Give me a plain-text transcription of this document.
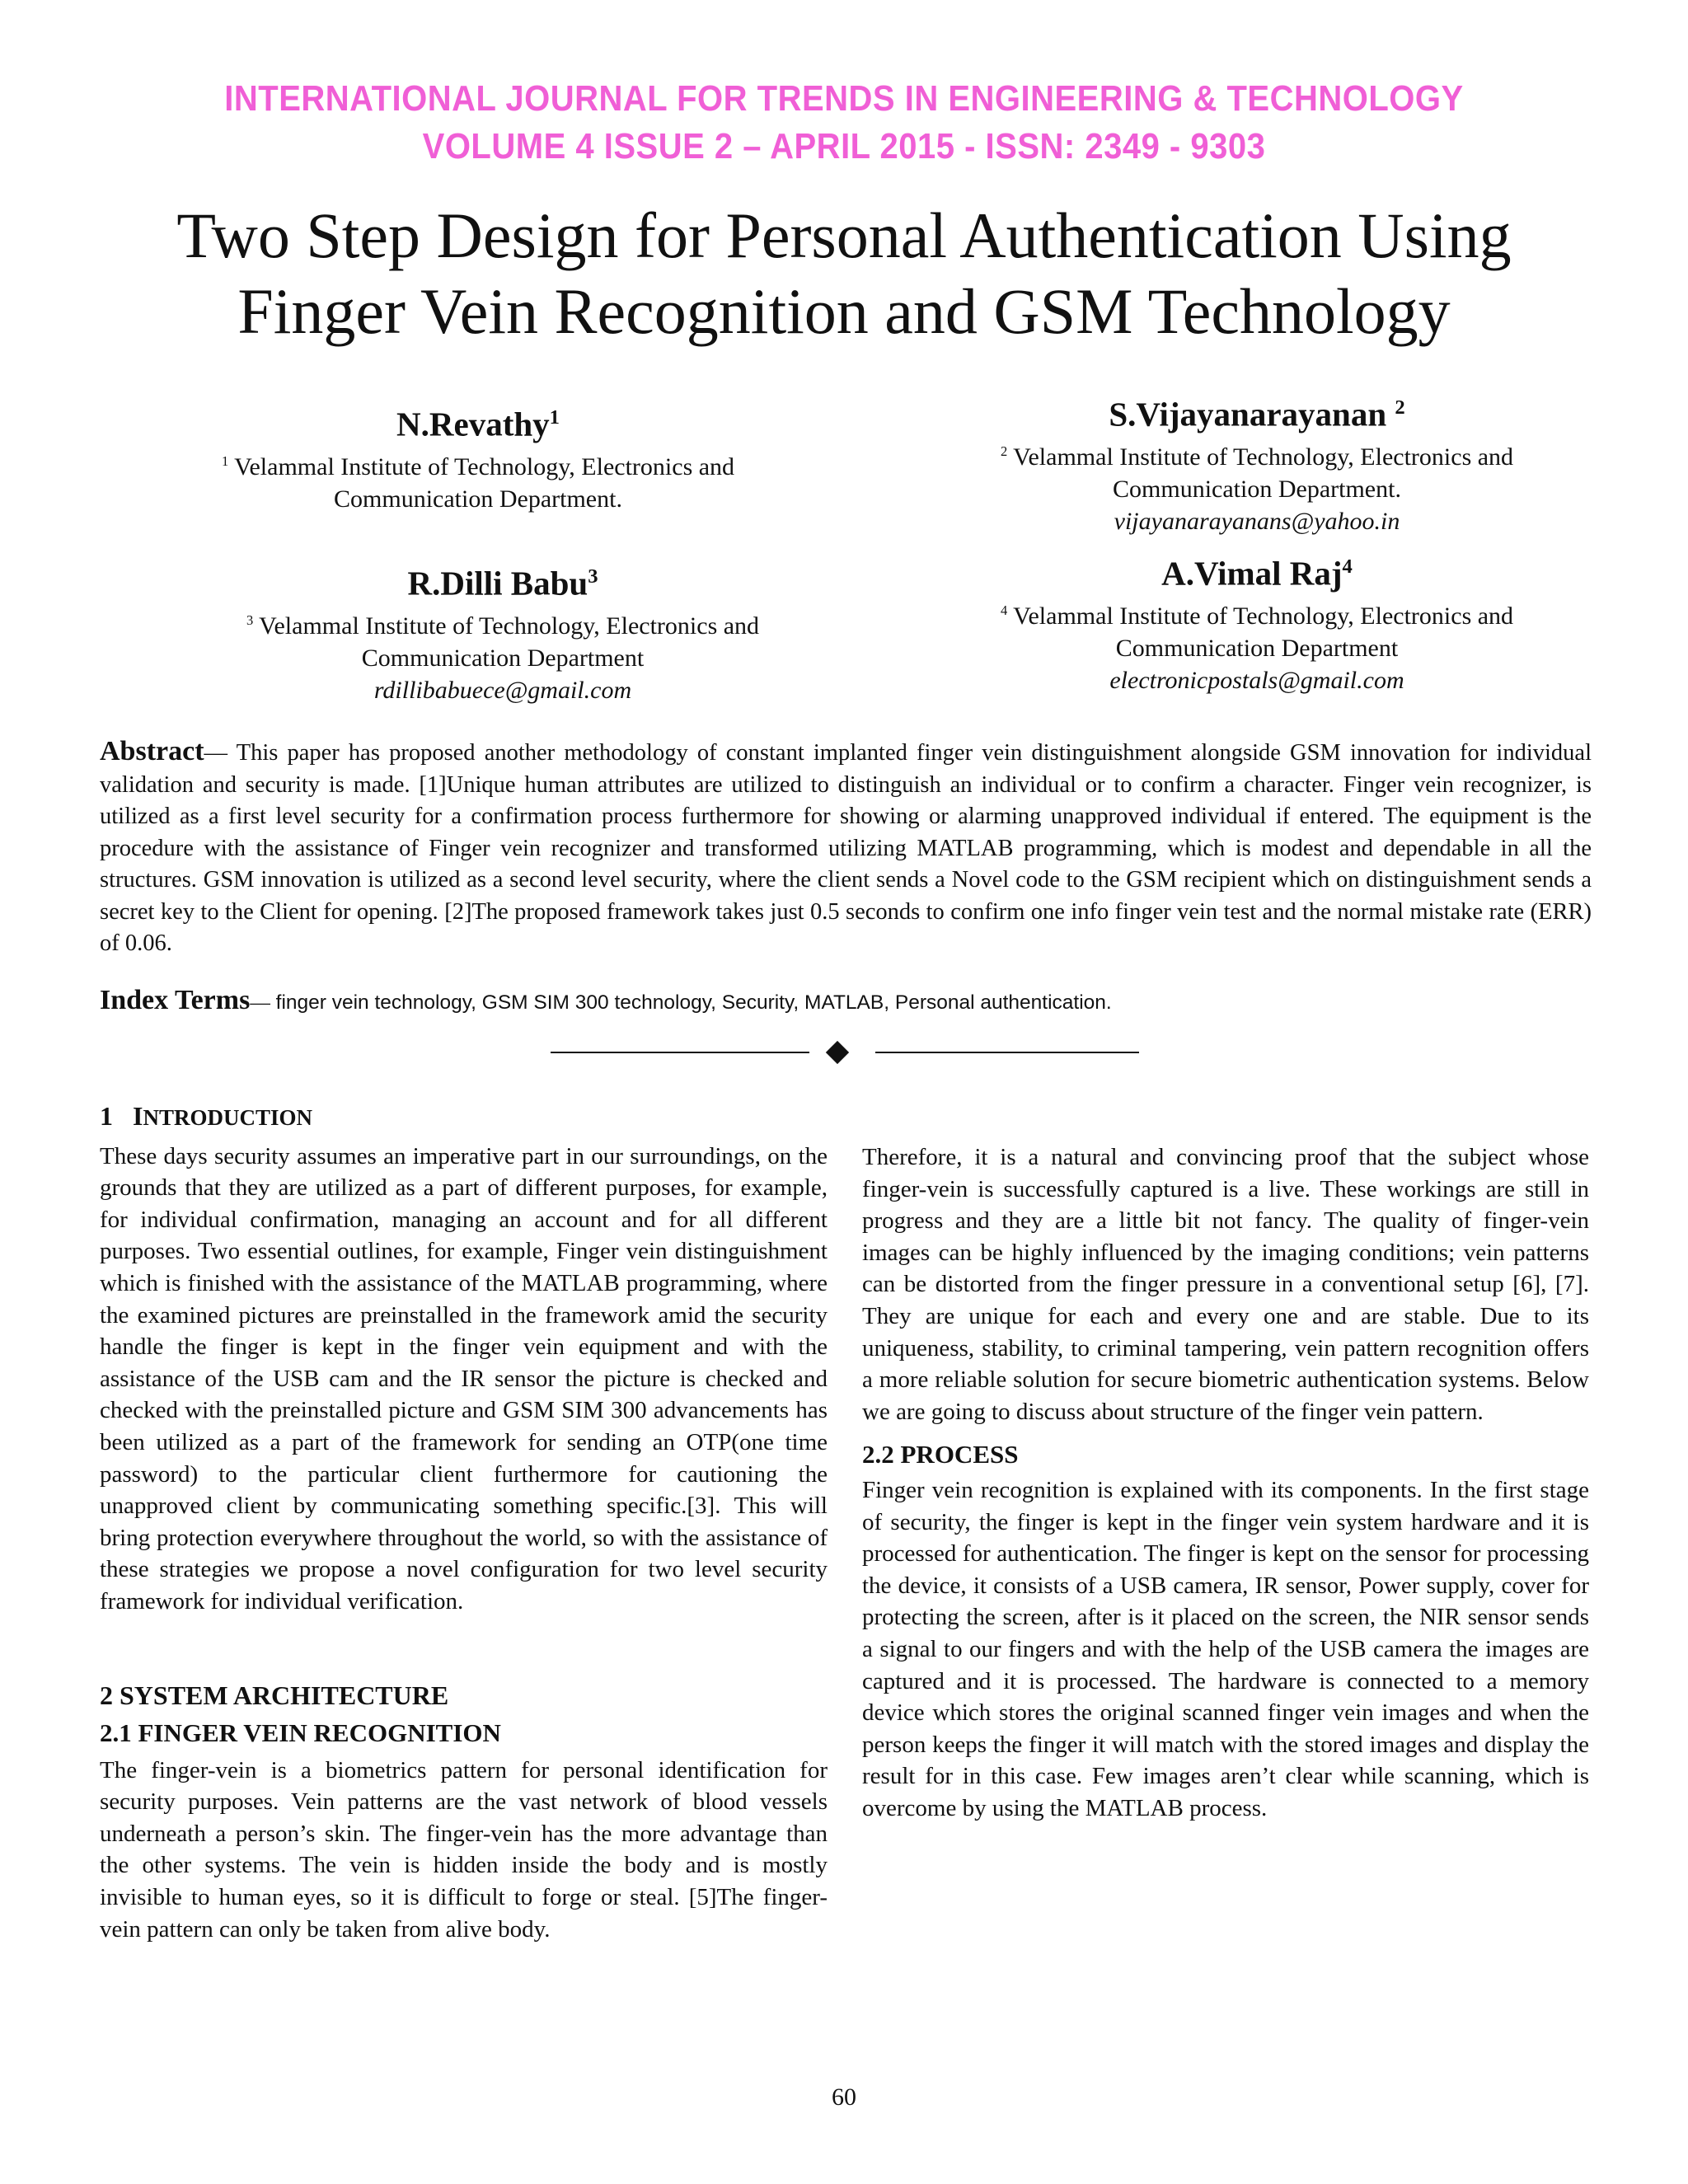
INTERNATIONAL JOURNAL FOR TRENDS IN ENGINEERING & TECHNOLOGY
VOLUME 4 ISSUE 2 – APRIL 2015 - ISSN: 2349 - 9303
Two Step Design for Personal Authentication Using
Finger Vein Recognition and GSM Technology
N.Revathy$^1$
$^1$ Velammal Institute of Technology, Electronics and
Communication Department.
S.Vijayanarayanan $^2$
$^2$ Velammal Institute of Technology, Electronics and
Communication Department.
vijayanarayanans@yahoo.in
R.Dilli Babu$^3$
$^3$ Velammal Institute of Technology, Electronics and
Communication Department
rdillibabuece@gmail.com
A.Vimal Raj$^4$
$^4$ Velammal Institute of Technology, Electronics and
Communication Department
electronicpostals@gmail.com
Abstract— This paper has proposed another methodology of constant implanted finger vein distinguishment alongside GSM innovation for individual validation and security is made. [1]Unique human attributes are utilized to distinguish an individual or to confirm a character. Finger vein recognizer, is utilized as a first level security for a confirmation process furthermore for showing or alarming unapproved individual if entered. The equipment is the procedure with the assistance of Finger vein recognizer and transformed utilizing MATLAB programming, which is modest and dependable in all the structures. GSM innovation is utilized as a second level security, where the client sends a Novel code to the GSM recipient which on distinguishment sends a secret key to the Client for opening. [2]The proposed framework takes just 0.5 seconds to confirm one info finger vein test and the normal mistake rate (ERR) of 0.06.
Index Terms— finger vein technology, GSM SIM 300 technology, Security, MATLAB, Personal authentication.
1 INTRODUCTION

These days security assumes an imperative part in our surroundings, on the grounds that they are utilized as a part of different purposes, for example, for individual confirmation, managing an account and for all different purposes. Two essential outlines, for example, Finger vein distinguishment which is finished with the assistance of the MATLAB programming, where the examined pictures are preinstalled in the framework amid the security handle the finger is kept in the finger vein equipment and with the assistance of the USB cam and the IR sensor the picture is checked and checked with the preinstalled picture and GSM SIM 300 advancements has been utilized as a part of the framework for sending an OTP(one time password) to the particular client furthermore for cautioning the unapproved client by communicating something specific.[3]. This will bring protection everywhere throughout the world, so with the assistance of these strategies we propose a novel configuration for two level security framework for individual verification.

2 SYSTEM ARCHITECTURE
2.1 FINGER VEIN RECOGNITION

The finger-vein is a biometrics pattern for personal identification for security purposes. Vein patterns are the vast network of blood vessels underneath a person’s skin. The finger-vein has the more advantage than the other systems. The vein is hidden inside the body and is mostly invisible to human eyes, so it is difficult to forge or steal. [5]The finger-vein pattern can only be taken from alive body.

Therefore, it is a natural and convincing proof that the subject whose finger-vein is successfully captured is a live. These workings are still in progress and they are a little bit not fancy. The quality of finger-vein images can be highly influenced by the imaging conditions; vein patterns can be distorted from the finger pressure in a conventional setup [6], [7]. They are unique for each and every one and are stable. Due to its uniqueness, stability, to criminal tampering, vein pattern recognition offers a more reliable solution for secure biometric authentication systems. Below we are going to discuss about structure of the finger vein pattern.

2.2 PROCESS

Finger vein recognition is explained with its components. In the first stage of security, the finger is kept in the finger vein system hardware and it is processed for authentication. The finger is kept on the sensor for processing the device, it consists of a USB camera, IR sensor, Power supply, cover for protecting the screen, after is it placed on the screen, the NIR sensor sends a signal to our fingers and with the help of the USB camera the images are captured and it is processed. The hardware is connected to a memory device which stores the original scanned finger vein images and when the person keeps the finger it will match with the stored images and display the result for in this case. Few images aren’t clear while scanning, which is overcome by using the MATLAB process.

60
